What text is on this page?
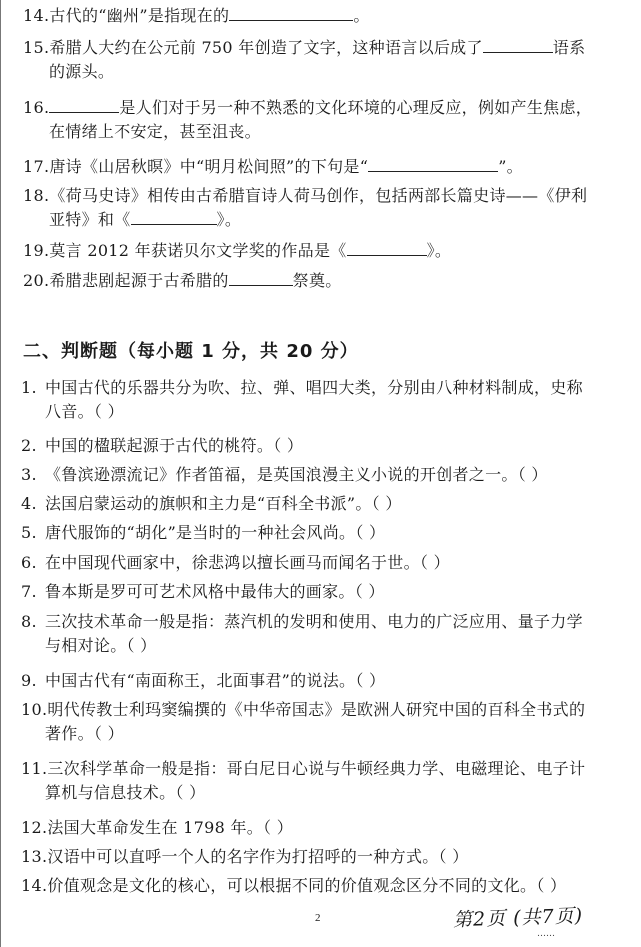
14.古代的“幽州”是指现在的	。
15.希腊人大约在公元前 750 年创造了文字，这种语言以后成了	语系
的源头。
16.	是人们对于另一种不熟悉的文化环境的心理反应，例如产生焦虑，
在情绪上不安定，甚至沮丧。
17.唐诗《山居秋暝》中“明月松间照”的下句是“	”。
18.《荷马史诗》相传由古希腊盲诗人荷马创作，包括两部长篇史诗——《伊利
亚特》和《	》。
19.莫言 2012 年获诺贝尔文学奖的作品是《	》。
20.希腊悲剧起源于古希腊的	祭奠。
二、判断题（每小题 1 分，共 20 分）
1. 中国古代的乐器共分为吹、拉、弹、唱四大类，分别由八种材料制成，史称
八音。（ ）
2. 中国的楹联起源于古代的桃符。（ ）
3. 《鲁滨逊漂流记》作者笛福，是英国浪漫主义小说的开创者之一。（ ）
4. 法国启蒙运动的旗帜和主力是“百科全书派”。（ ）
5. 唐代服饰的“胡化”是当时的一种社会风尚。（ ）
6. 在中国现代画家中，徐悲鸿以擅长画马而闻名于世。（ ）
7. 鲁本斯是罗可可艺术风格中最伟大的画家。（ ）
8. 三次技术革命一般是指：蒸汽机的发明和使用、电力的广泛应用、量子力学
与相对论。（ ）
9. 中国古代有“南面称王，北面事君”的说法。（ ）
10.明代传教士利玛窦编撰的《中华帝国志》是欧洲人研究中国的百科全书式的
著作。（ ）
11.三次科学革命一般是指：哥白尼日心说与牛顿经典力学、电磁理论、电子计
算机与信息技术。（ ）
12.法国大革命发生在 1798 年。（ ）
13.汉语中可以直呼一个人的名字作为打招呼的一种方式。（ ）
14.价值观念是文化的核心，可以根据不同的价值观念区分不同的文化。（ ）
2	第2页 (共7页)
……
